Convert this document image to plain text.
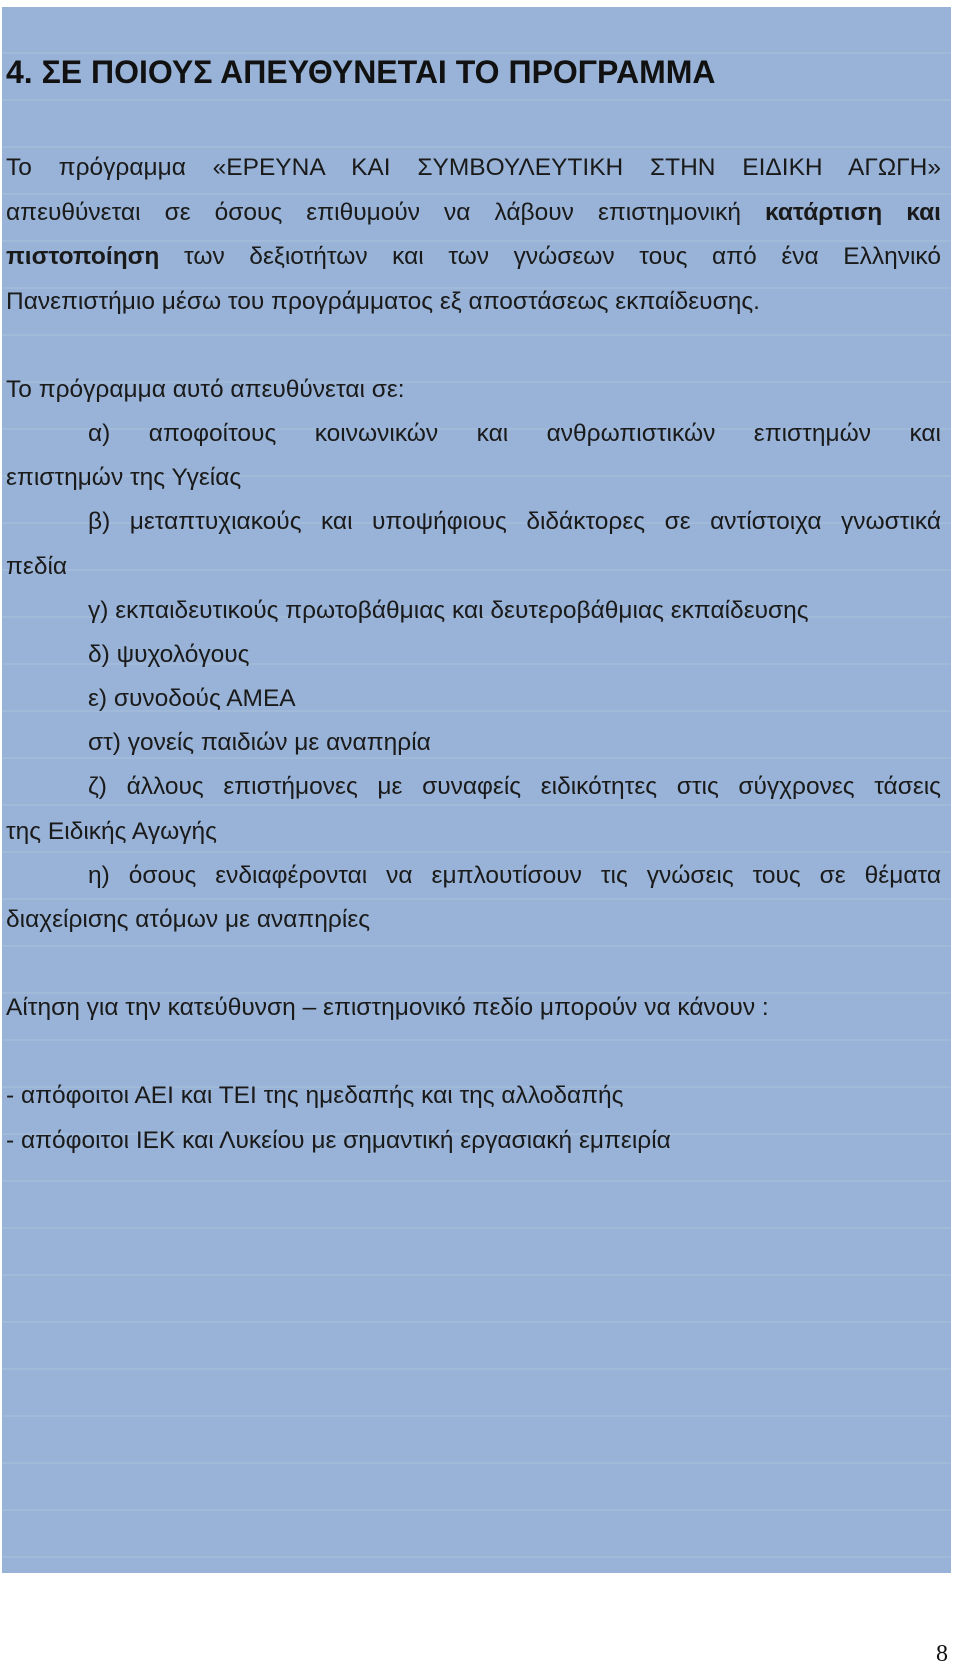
4. ΣΕ ΠΟΙΟΥΣ ΑΠΕΥΘΥΝΕΤΑΙ ΤΟ ΠΡΟΓΡΑΜΜΑ
Το πρόγραμμα «ΕΡΕΥΝΑ ΚΑΙ ΣΥΜΒΟΥΛΕΥΤΙΚΗ ΣΤΗΝ ΕΙΔΙΚΗ ΑΓΩΓΗ»
απευθύνεται σε όσους επιθυμούν να λάβουν επιστημονική κατάρτιση και
πιστοποίηση των δεξιοτήτων και των γνώσεων τους από ένα Ελληνικό
Πανεπιστήμιο μέσω του προγράμματος εξ αποστάσεως εκπαίδευσης.
Το πρόγραμμα αυτό απευθύνεται σε:
α) αποφοίτους κοινωνικών και ανθρωπιστικών επιστημών και
επιστημών της Υγείας
β) μεταπτυχιακούς και υποψήφιους διδάκτορες σε αντίστοιχα γνωστικά
πεδία
γ) εκπαιδευτικούς πρωτοβάθμιας και δευτεροβάθμιας εκπαίδευσης
δ) ψυχολόγους
ε) συνοδούς ΑΜΕΑ
στ) γονείς παιδιών με αναπηρία
ζ) άλλους επιστήμονες με συναφείς ειδικότητες στις σύγχρονες τάσεις
της Ειδικής Αγωγής
η) όσους ενδιαφέρονται να εμπλουτίσουν τις γνώσεις τους σε θέματα
διαχείρισης ατόμων με αναπηρίες
Αίτηση για την κατεύθυνση – επιστημονικό πεδίο μπορούν να κάνουν :
- απόφοιτοι ΑΕΙ και ΤΕΙ της ημεδαπής και της αλλοδαπής
- απόφοιτοι ΙΕΚ και Λυκείου με σημαντική εργασιακή εμπειρία
8
